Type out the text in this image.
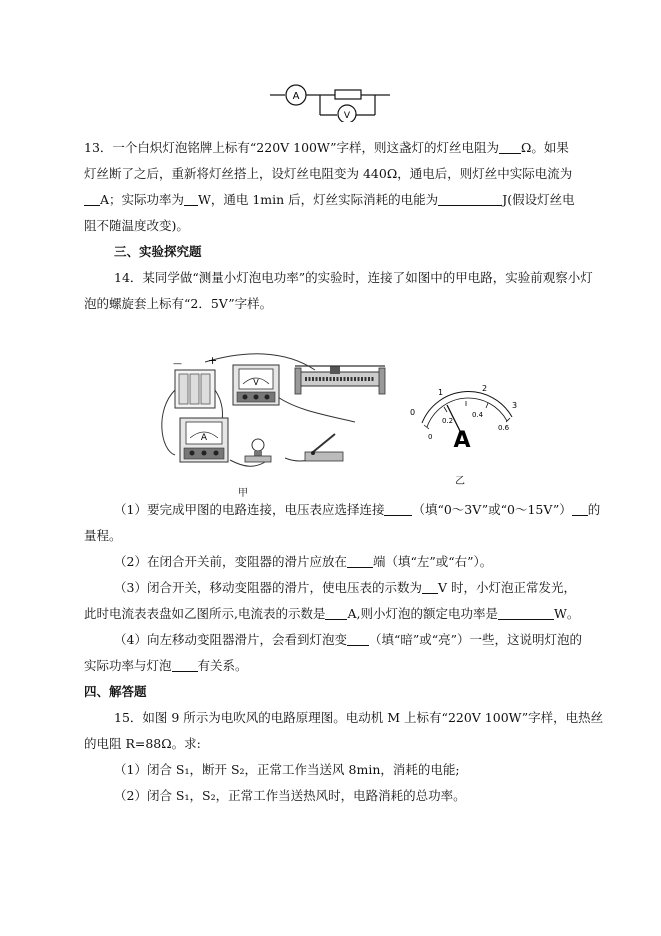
A
V
13．一个白炽灯泡铭牌上标有“220V 100W”字样，则这盏灯的灯丝电阻为 Ω。如果
灯丝断了之后，重新将灯丝搭上，设灯丝电阻变为 440Ω，通电后，则灯丝中实际电流为
A；实际功率为 W，通电 1min 后，灯丝实际消耗的电能为	J(假设灯丝电
阻不随温度改变)。
三、实验探究题
14．某同学做“测量小灯泡电功率”的实验时，连接了如图中的甲电路，实验前观察小灯
泡的螺旋套上标有“2．5V”字样。
— +
V
A
甲
0
1	2
3
0
0.2
0.4
0.6
A
乙
（1）要完成甲图的电路连接，电压表应选择连接 （填“0～3V”或“0～15V”） 的
量程。
（2）在闭合开关前，变阻器的滑片应放在 端（填“左”或“右”）。
（3）闭合开关，移动变阻器的滑片，使电压表的示数为 V 时，小灯泡正常发光，
此时电流表表盘如乙图所示,电流表的示数是 A,则小灯泡的额定电功率是	W。
（4）向左移动变阻器滑片，会看到灯泡变 （填“暗”或“亮”）一些，这说明灯泡的
实际功率与灯泡 有关系。
四、解答题
15．如图 9 所示为电吹风的电路原理图。电动机 M 上标有“220V 100W”字样，电热丝
的电阻 R=88Ω。求:
（1）闭合 S₁，断开 S₂，正常工作当送风 8min，消耗的电能;
（2）闭合 S₁，S₂，正常工作当送热风时，电路消耗的总功率。
